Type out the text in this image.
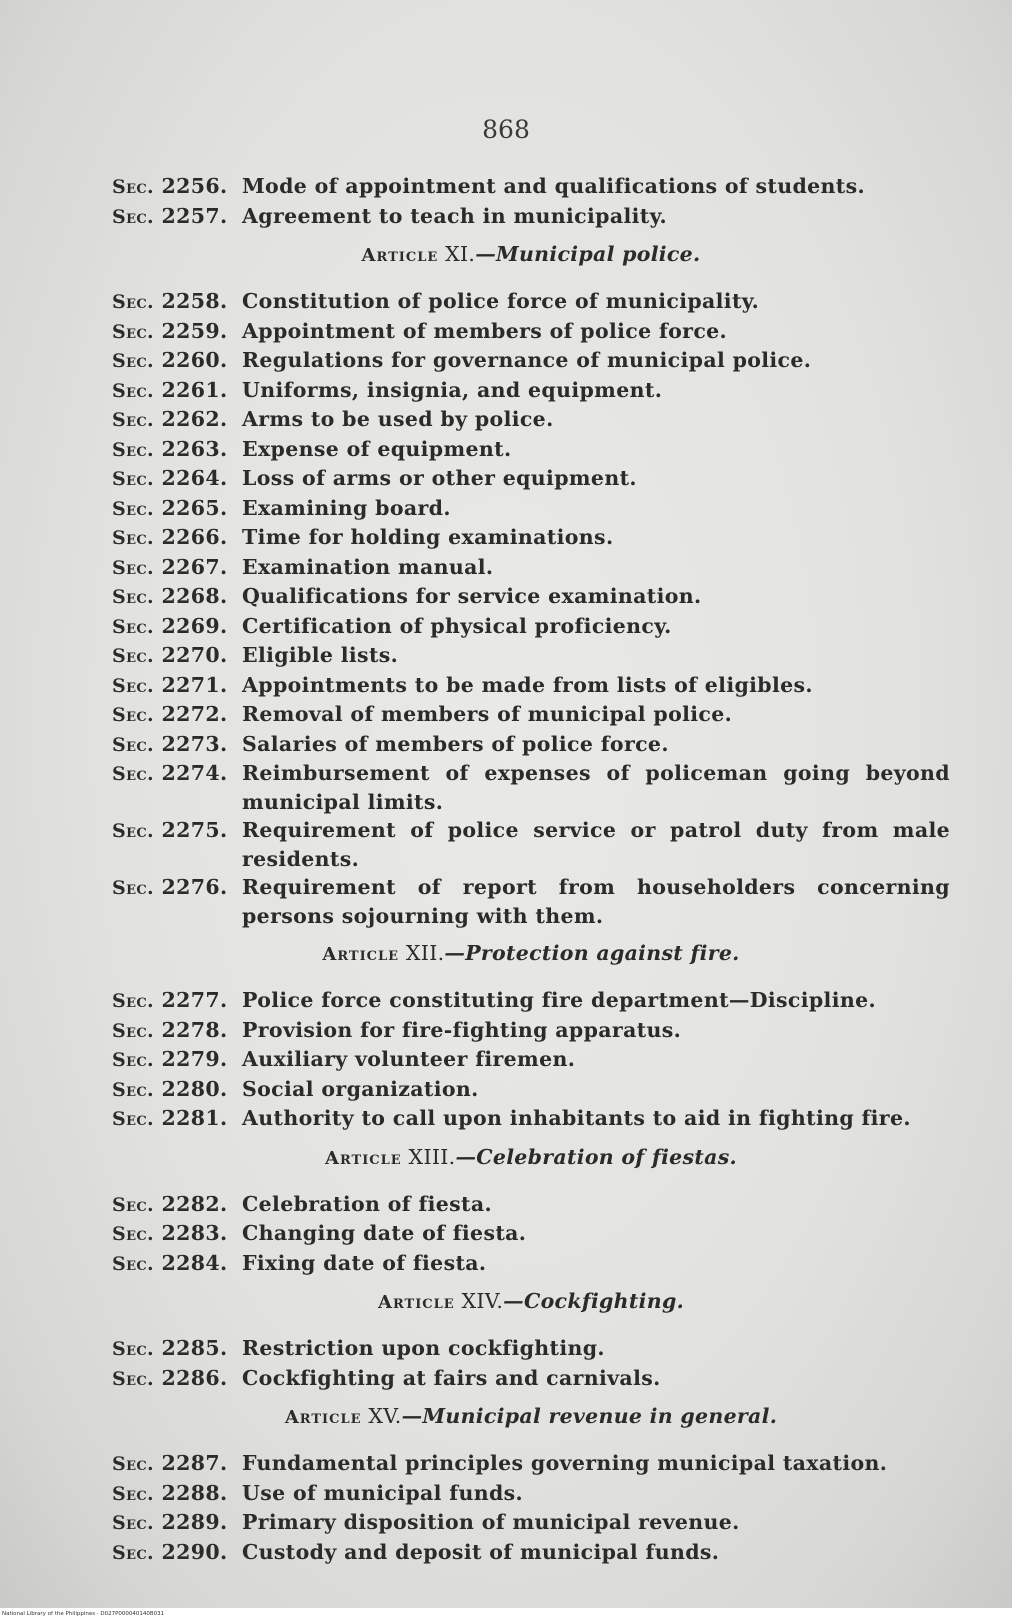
868
Sec. 2256. Mode of appointment and qualifications of students.
Sec. 2257. Agreement to teach in municipality.
Article XI.—Municipal police.
Sec. 2258. Constitution of police force of municipality.
Sec. 2259. Appointment of members of police force.
Sec. 2260. Regulations for governance of municipal police.
Sec. 2261. Uniforms, insignia, and equipment.
Sec. 2262. Arms to be used by police.
Sec. 2263. Expense of equipment.
Sec. 2264. Loss of arms or other equipment.
Sec. 2265. Examining board.
Sec. 2266. Time for holding examinations.
Sec. 2267. Examination manual.
Sec. 2268. Qualifications for service examination.
Sec. 2269. Certification of physical proficiency.
Sec. 2270. Eligible lists.
Sec. 2271. Appointments to be made from lists of eligibles.
Sec. 2272. Removal of members of municipal police.
Sec. 2273. Salaries of members of police force.
Sec. 2274. Reimbursement of expenses of policeman going beyond municipal limits.
Sec. 2275. Requirement of police service or patrol duty from male residents.
Sec. 2276. Requirement of report from householders concerning persons sojourning with them.
Article XII.—Protection against fire.
Sec. 2277. Police force constituting fire department—Discipline.
Sec. 2278. Provision for fire-fighting apparatus.
Sec. 2279. Auxiliary volunteer firemen.
Sec. 2280. Social organization.
Sec. 2281. Authority to call upon inhabitants to aid in fighting fire.
Article XIII.—Celebration of fiestas.
Sec. 2282. Celebration of fiesta.
Sec. 2283. Changing date of fiesta.
Sec. 2284. Fixing date of fiesta.
Article XIV.—Cockfighting.
Sec. 2285. Restriction upon cockfighting.
Sec. 2286. Cockfighting at fairs and carnivals.
Article XV.—Municipal revenue in general.
Sec. 2287. Fundamental principles governing municipal taxation.
Sec. 2288. Use of municipal funds.
Sec. 2289. Primary disposition of municipal revenue.
Sec. 2290. Custody and deposit of municipal funds.
National Library of the Philippines · D027P000040140B031
